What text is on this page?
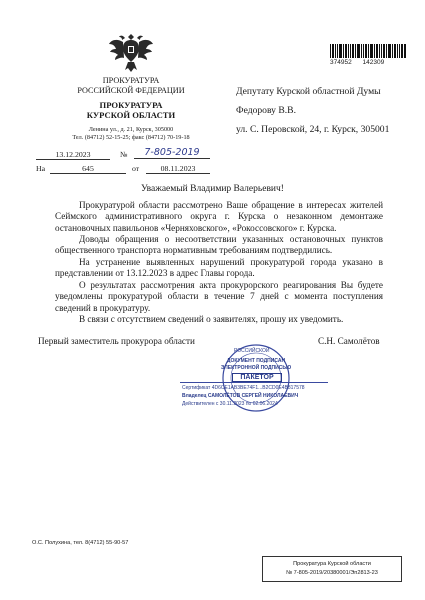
ПРОКУРАТУРА
РОССИЙСКОЙ ФЕДЕРАЦИИ
ПРОКУРАТУРА
КУРСКОЙ ОБЛАСТИ
Ленина ул., д. 21, Курск, 305000
Тел. (84712) 52-15-25; факс (84712) 70-19-18
374952      142309
Депутату Курской областной Думы
Федорову В.В.
ул. С. Перовской, 24, г. Курск, 305001
13.12.2023	№	7-805-2019
На	645	от	08.11.2023
Уважаемый Владимир Валерьевич!
Прокуратурой области рассмотрено Ваше обращение в интересах жителей Сеймского административного округа г. Курска о незаконном демонтаже остановочных павильонов «Черняховского», «Рокоссовского» г. Курска.
Доводы обращения о несоответствии указанных остановочных пунктов общественного транспорта нормативным требованиям подтвердились.
На устранение выявленных нарушений прокуратурой города указано в представлении от 13.12.2023 в адрес Главы города.
О результатах рассмотрения акта прокурорского реагирования Вы будете уведомлены прокуратурой области в течение 7 дней с момента поступления сведений в прокуратуру.
В связи с отсутствием сведений о заявителях, прошу их уведомить.
Первый заместитель прокурора области	С.Н. Самолётов
РОССИЙСКОЙ
ДОКУМЕНТ ПОДПИСАН
ЭЛЕКТРОННОЙ ПОДПИСЬЮ
ПАКЕТОР
Сертификат 4D6CE1AB3BE74F1...B2CD0E4B817578
Владелец САМОЛЁТОВ СЕРГЕЙ НИКОЛАЕВИЧ
Действителен с 30.11.2023 по 02.06.2024
О.С. Полухина, тел. 8(4712) 55-90-57
Прокуратура Курской области
№ 7-805-2019/20380001/Эп2813-23
